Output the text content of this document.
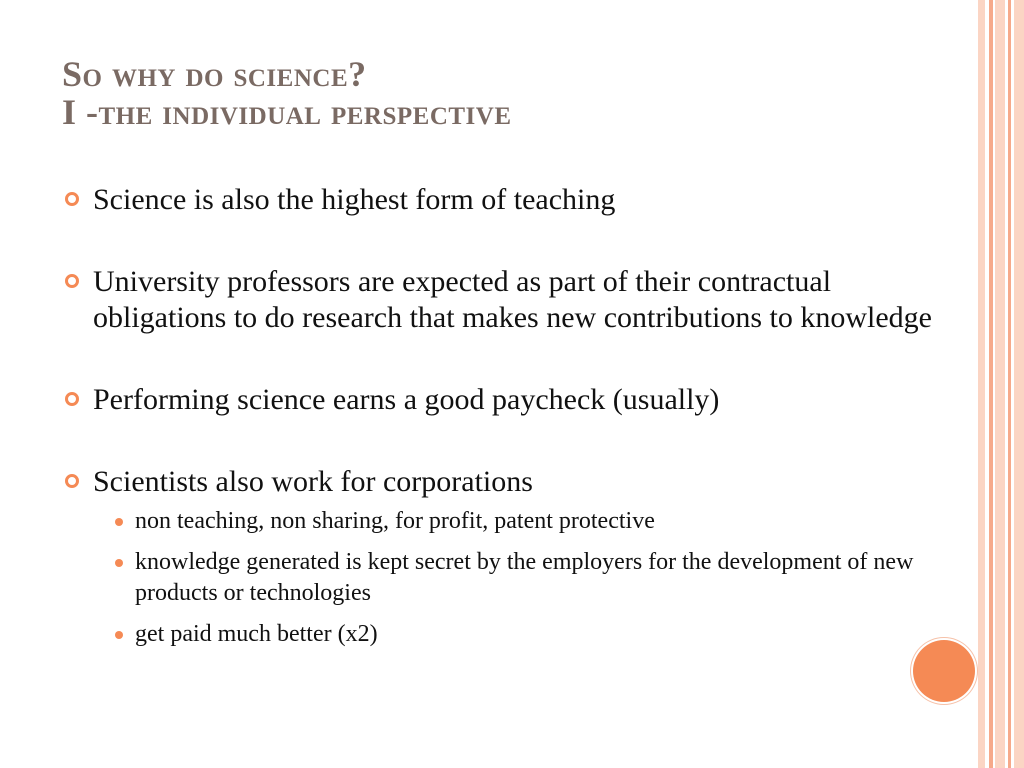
So why do science?
I -the individual perspective
Science is also the highest form of teaching
University professors are expected as part of their contractual obligations to do research that makes new contributions to knowledge
Performing science earns a good paycheck (usually)
Scientists also work for corporations
non teaching, non sharing, for profit, patent protective
knowledge generated is kept secret by the employers for the development of new products or technologies
get paid much better (x2)
